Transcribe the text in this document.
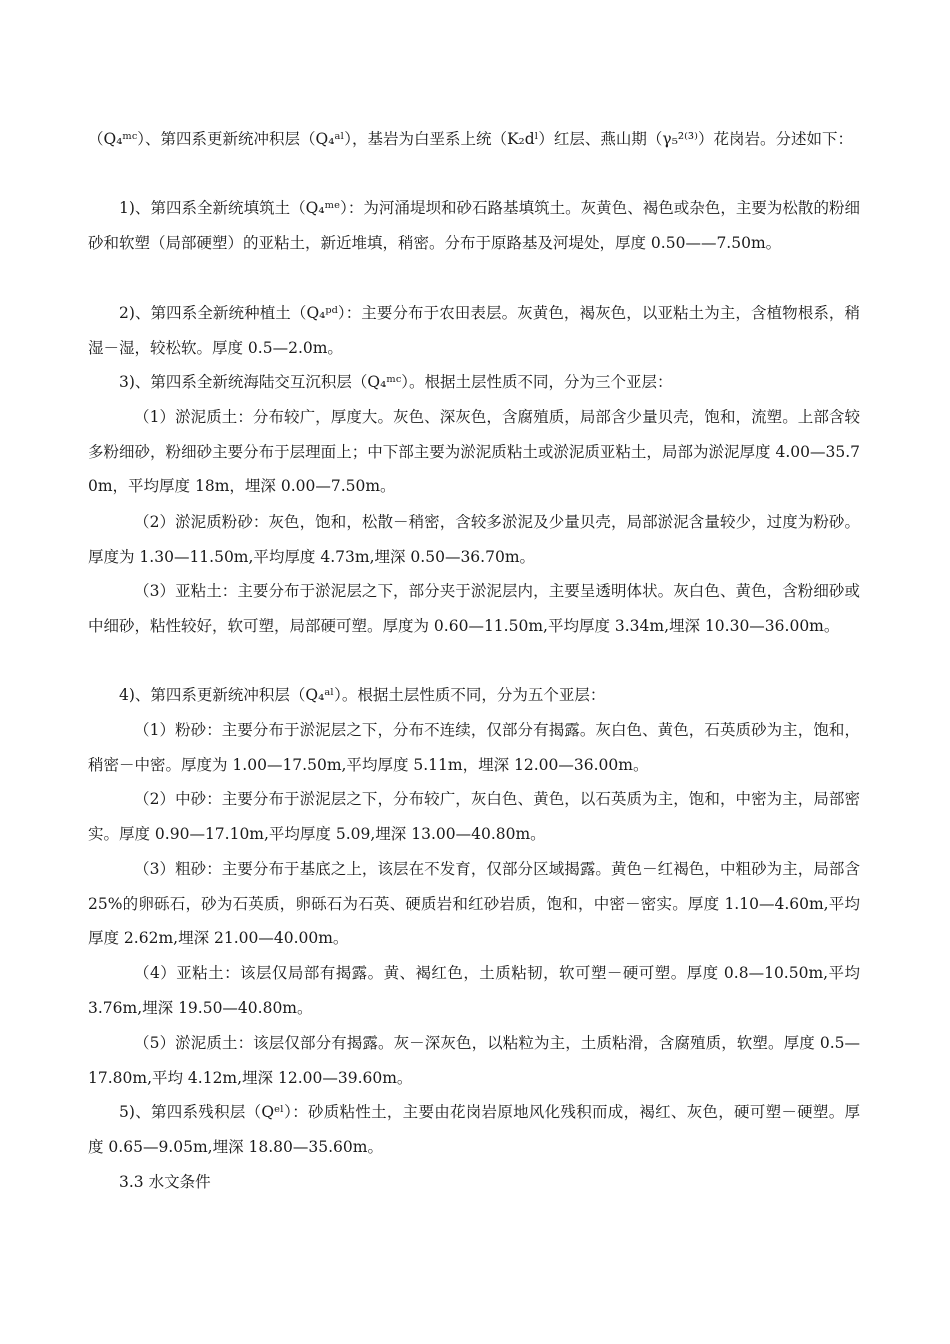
（Q₄ᵐᶜ）、第四系更新统冲积层（Q₄ᵃˡ），基岩为白垩系上统（K₂dˡ）红层、燕山期（γ₅²⁽³⁾）花岗岩。分述如下：

1)、第四系全新统填筑土（Q₄ᵐᵉ）：为河涌堤坝和砂石路基填筑土。灰黄色、褐色或杂色，主要为松散的粉细砂和软塑（局部硬塑）的亚粘土，新近堆填，稍密。分布于原路基及河堤处，厚度 0.50——7.50m。

2)、第四系全新统种植土（Q₄ᵖᵈ）：主要分布于农田表层。灰黄色，褐灰色，以亚粘土为主，含植物根系，稍湿－湿，较松软。厚度 0.5—2.0m。

3)、第四系全新统海陆交互沉积层（Q₄ᵐᶜ）。根据土层性质不同，分为三个亚层：

（1）淤泥质土：分布较广，厚度大。灰色、深灰色，含腐殖质，局部含少量贝壳，饱和，流塑。上部含较多粉细砂，粉细砂主要分布于层理面上；中下部主要为淤泥质粘土或淤泥质亚粘土，局部为淤泥厚度 4.00—35.70m，平均厚度 18m，埋深 0.00—7.50m。

（2）淤泥质粉砂：灰色，饱和，松散－稍密，含较多淤泥及少量贝壳，局部淤泥含量较少，过度为粉砂。厚度为 1.30—11.50m,平均厚度 4.73m,埋深 0.50—36.70m。

（3）亚粘土：主要分布于淤泥层之下，部分夹于淤泥层内，主要呈透明体状。灰白色、黄色，含粉细砂或中细砂，粘性较好，软可塑，局部硬可塑。厚度为 0.60—11.50m,平均厚度 3.34m,埋深 10.30—36.00m。

4)、第四系更新统冲积层（Q₄ᵃˡ）。根据土层性质不同，分为五个亚层：

（1）粉砂：主要分布于淤泥层之下，分布不连续，仅部分有揭露。灰白色、黄色，石英质砂为主，饱和，稍密－中密。厚度为 1.00—17.50m,平均厚度 5.11m，埋深 12.00—36.00m。

（2）中砂：主要分布于淤泥层之下，分布较广，灰白色、黄色，以石英质为主，饱和，中密为主，局部密实。厚度 0.90—17.10m,平均厚度 5.09,埋深 13.00—40.80m。

（3）粗砂：主要分布于基底之上，该层在不发育，仅部分区域揭露。黄色－红褐色，中粗砂为主，局部含 25%的卵砾石，砂为石英质，卵砾石为石英、硬质岩和红砂岩质，饱和，中密－密实。厚度 1.10—4.60m,平均厚度 2.62m,埋深 21.00—40.00m。

（4）亚粘土：该层仅局部有揭露。黄、褐红色，土质粘韧，软可塑－硬可塑。厚度 0.8—10.50m,平均 3.76m,埋深 19.50—40.80m。

（5）淤泥质土：该层仅部分有揭露。灰－深灰色，以粘粒为主，土质粘滑，含腐殖质，软塑。厚度 0.5—17.80m,平均 4.12m,埋深 12.00—39.60m。

5)、第四系残积层（Qᵉˡ）：砂质粘性土，主要由花岗岩原地风化残积而成，褐红、灰色，硬可塑－硬塑。厚度 0.65—9.05m,埋深 18.80—35.60m。

3.3 水文条件
